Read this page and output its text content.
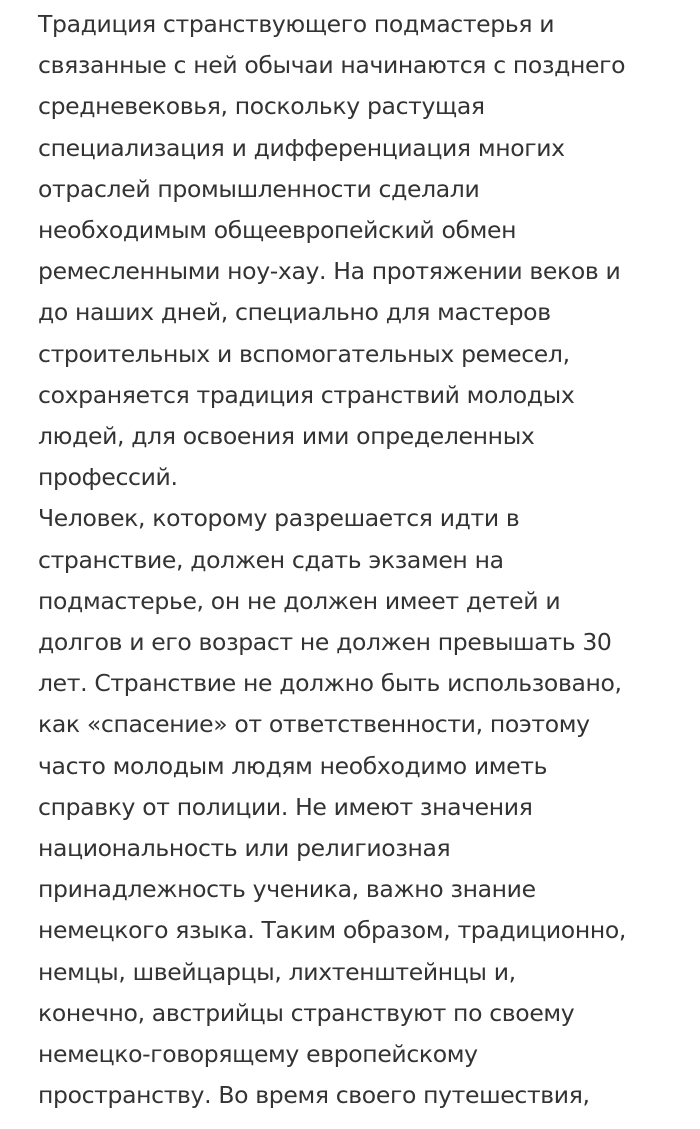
Традиция странствующего подмастерья и
связанные с ней обычаи начинаются с позднего
средневековья, поскольку растущая
специализация и дифференциация многих
отраслей промышленности сделали
необходимым общеевропейский обмен
ремесленными ноу-хау. На протяжении веков и
до наших дней, специально для мастеров
строительных и вспомогательных ремесел,
сохраняется традиция странствий молодых
людей, для освоения ими определенных
профессий.
Человек, которому разрешается идти в
странствие, должен сдать экзамен на
подмастерье, он не должен имеет детей и
долгов и его возраст не должен превышать 30
лет. Странствие не должно быть использовано,
как «спасение» от ответственности, поэтому
часто молодым людям необходимо иметь
справку от полиции. Не имеют значения
национальность или религиозная
принадлежность ученика, важно знание
немецкого языка. Таким образом, традиционно,
немцы, швейцарцы, лихтенштейнцы и,
конечно, австрийцы странствуют по своему
немецко-говорящему европейскому
пространству. Во время своего путешествия,
